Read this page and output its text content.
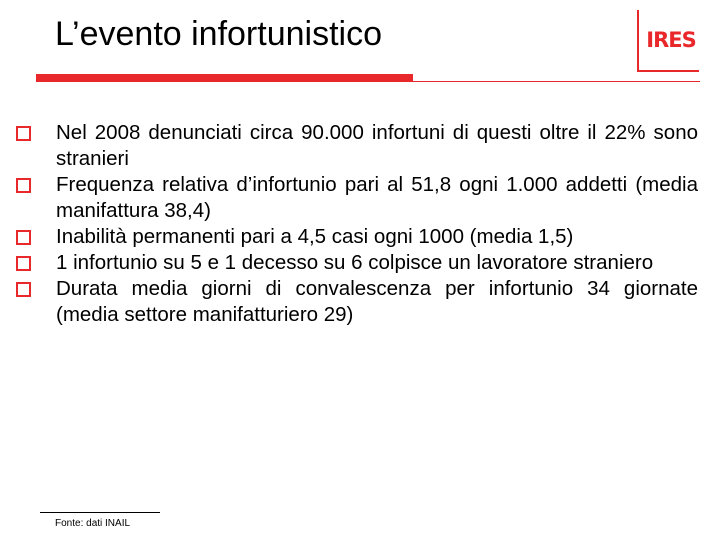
L’evento infortunistico	IRES
Nel 2008 denunciati circa 90.000 infortuni di questi oltre il 22% sono stranieri
Frequenza relativa d’infortunio pari al 51,8 ogni 1.000 addetti (media manifattura 38,4)
Inabilità permanenti pari a 4,5 casi ogni 1000 (media 1,5)
1 infortunio su 5 e 1 decesso su 6 colpisce un lavoratore straniero
Durata media giorni di convalescenza per infortunio 34 giornate (media settore manifatturiero 29)
Fonte: dati INAIL
